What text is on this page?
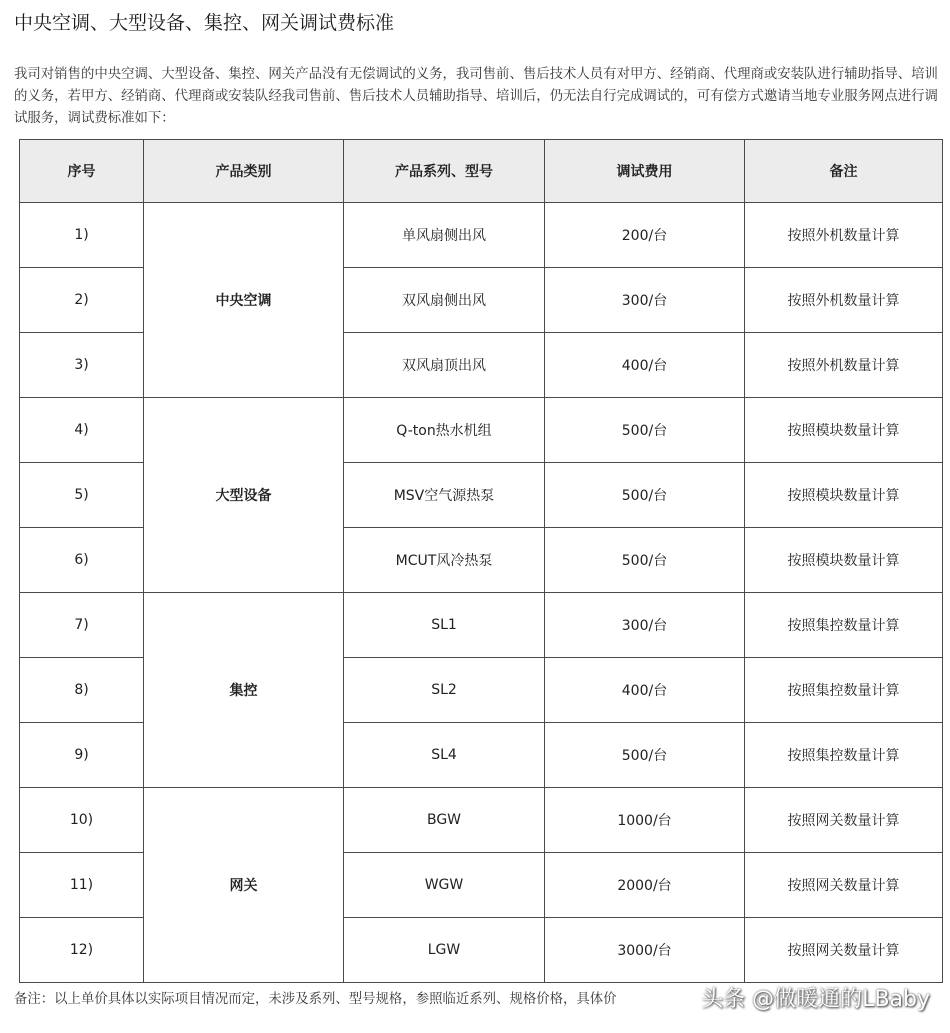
中央空调、大型设备、集控、网关调试费标准
我司对销售的中央空调、大型设备、集控、网关产品没有无偿调试的义务，我司售前、售后技术人员有对甲方、经销商、代理商或安装队进行辅助指导、培训的义务，若甲方、经销商、代理商或安装队经我司售前、售后技术人员辅助指导、培训后，仍无法自行完成调试的，可有偿方式邀请当地专业服务网点进行调试服务，调试费标准如下：
序号	产品类别	产品系列、型号	调试费用	备注
1)	中央空调	单风扇侧出风	200/台	按照外机数量计算
2)		双风扇侧出风	300/台	按照外机数量计算
3)		双风扇顶出风	400/台	按照外机数量计算
4)	大型设备	Q-ton热水机组	500/台	按照模块数量计算
5)		MSV空气源热泵	500/台	按照模块数量计算
6)		MCUT风冷热泵	500/台	按照模块数量计算
7)	集控	SL1	300/台	按照集控数量计算
8)		SL2	400/台	按照集控数量计算
9)		SL4	500/台	按照集控数量计算
10)	网关	BGW	1000/台	按照网关数量计算
11)		WGW	2000/台	按照网关数量计算
12)		LGW	3000/台	按照网关数量计算
备注：以上单价具体以实际项目情况而定，未涉及系列、型号规格，参照临近系列、规格价格，具体价	头条 @做暖通的LBaby
